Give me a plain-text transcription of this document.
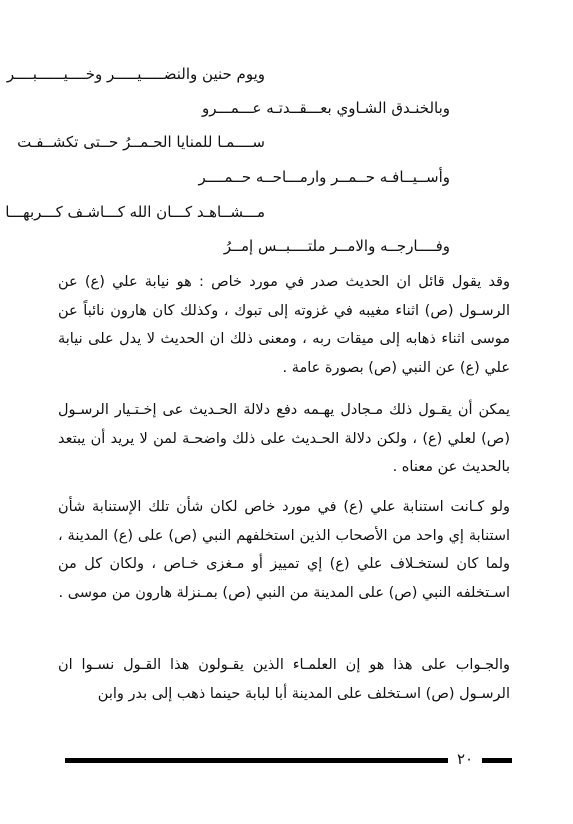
ويوم حنين والنضـــــيـــــر وخــــيــــــبــــر
وبالخنـدق الشـاوي بعـــقــدتـه عـــمـــرو
ســــمـا للمنايا الحـمــرُ حــتى تكشــفـت
وأســيــافـه حــمــر وارمـــاحــه حــمــــر
مـــشــاهـد كـــان الله كـــاشـف كـــربهـــا
وفــــارجــه والامــر ملتــــبــس إمــرُ
وقد يقول قائل ان الحديث صدر في مورد خاص : هو نيابة علي (ع) عن الرسـول (ص) اثناء مغيبه في غزوته إلى تبوك ، وكذلك كان هارون نائباً عن موسى اثناء ذهابه إلى ميقات ربه ، ومعنى ذلك ان الحديث لا يدل على نيابة علي (ع) عن النبي (ص) بصورة عامة .
يمكن أن يقـول ذلك مـجادل يهـمه دفع دلالة الحـديث عى إخـتـيار الرسـول (ص) لعلي (ع) ، ولكن دلالة الحـديث على ذلك واضحـة لمن لا يريد أن يبتعد بالحديث عن معناه .
ولو كـانت استنابة علي (ع) في مورد خاص لكان شأن تلك الإستنابة شأن استنابة إي واحد من الأصحاب الذين استخلفهم النبي (ص) على (ع) المدينة ، ولما كان لستخـلاف علي (ع) إي تمييز أو مـغزى خـاص ، ولكان كل من اسـتخلفه النبي (ص) على المدينة من النبي (ص) بمـنزلة هارون من موسى .
والجـواب على هذا هو إن العلمـاء الذين يقـولون هذا القـول نسـوا ان الرسـول (ص) اسـتخلف على المدينة أبا لبابة حينما ذهب إلى بدر وابن
٢٠
